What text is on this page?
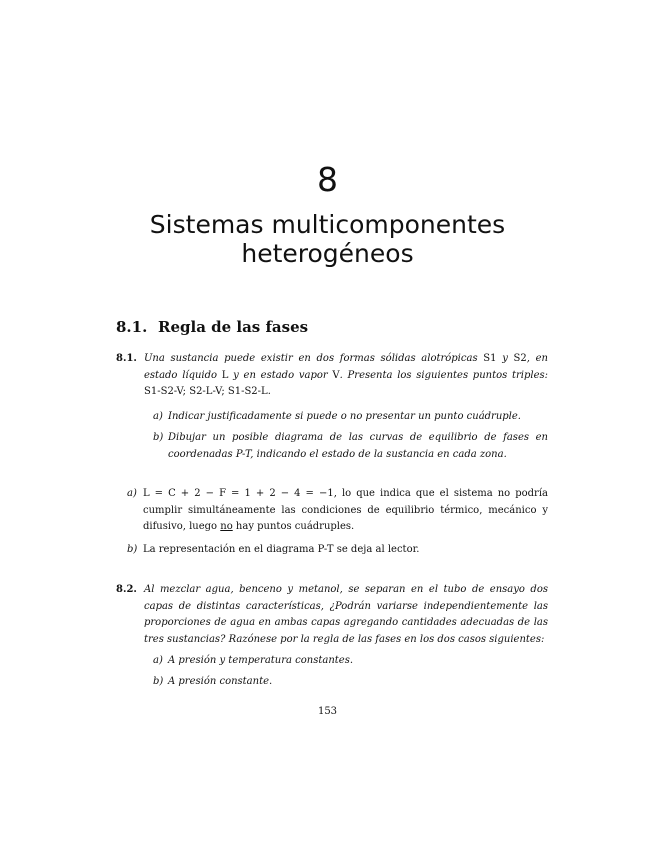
8
Sistemas multicomponentes
heterogéneos
8.1. Regla de las fases
8.1. Una sustancia puede existir en dos formas sólidas alotrópicas S1 y S2, en estado líquido L y en estado vapor V. Presenta los siguientes puntos triples: S1-S2-V; S2-L-V; S1-S2-L.
a) Indicar justificadamente si puede o no presentar un punto cuádruple.
b) Dibujar un posible diagrama de las curvas de equilibrio de fases en coordenadas P-T, indicando el estado de la sustancia en cada zona.
a) L = C + 2 − F = 1 + 2 − 4 = −1, lo que indica que el sistema no podría cumplir simultáneamente las condiciones de equilibrio térmico, mecánico y difusivo, luego no hay puntos cuádruples.
b) La representación en el diagrama P-T se deja al lector.
8.2. Al mezclar agua, benceno y metanol, se separan en el tubo de ensayo dos capas de distintas características, ¿Podrán variarse independientemente las proporciones de agua en ambas capas agregando cantidades adecuadas de las tres sustancias? Razónese por la regla de las fases en los dos casos siguientes:
a) A presión y temperatura constantes.
b) A presión constante.
153
